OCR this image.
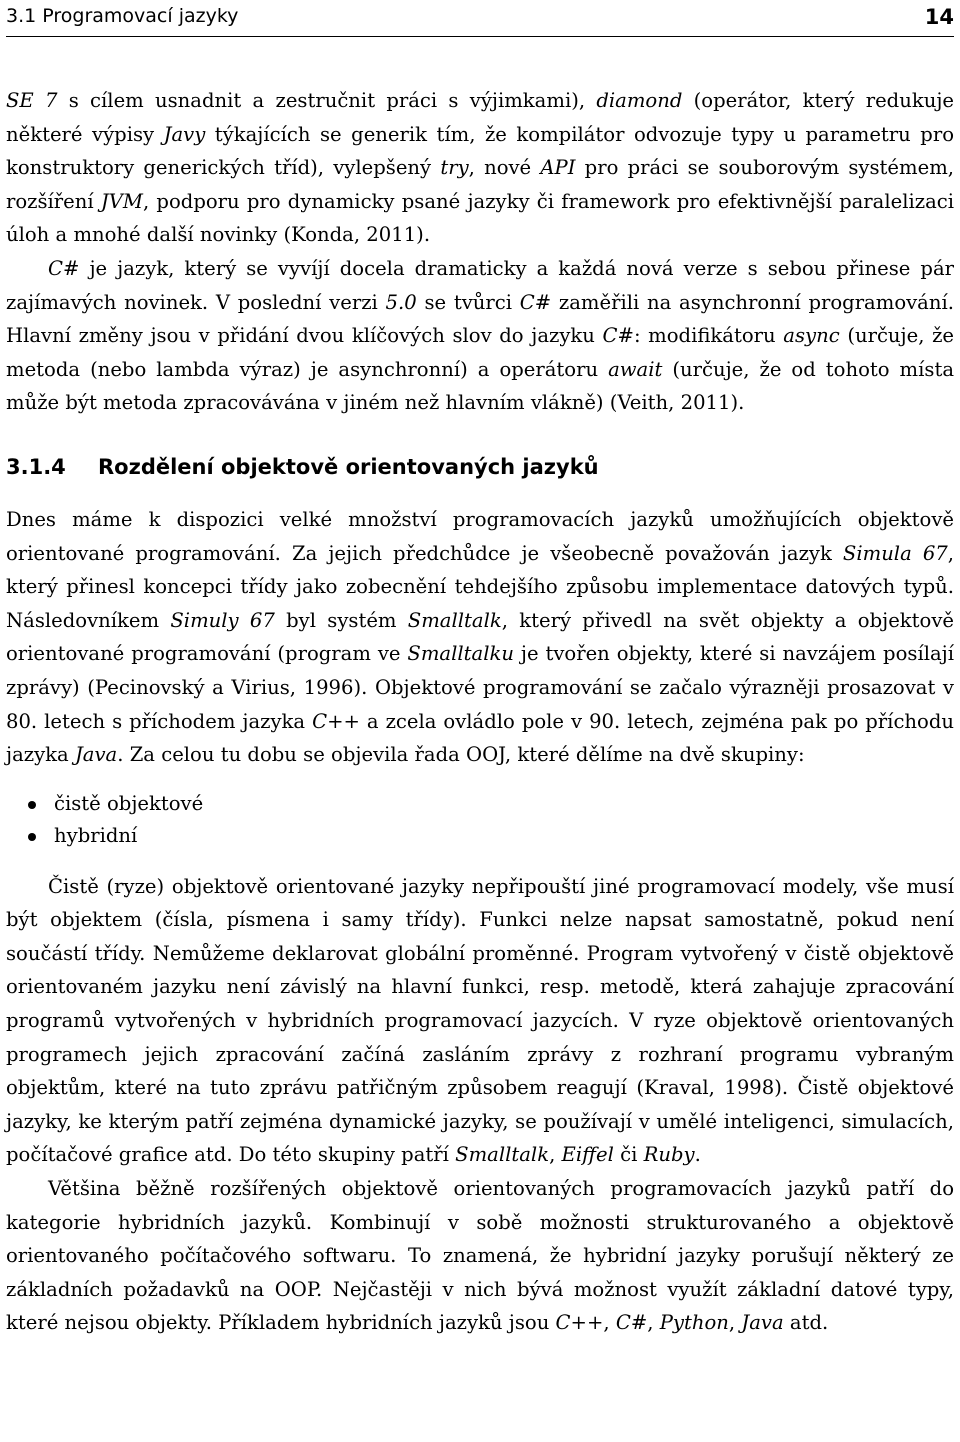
3.1 Programovací jazyky	14

SE 7 s cílem usnadnit a zestručnit práci s výjimkami), diamond (operátor, který redukuje některé výpisy Javy týkajících se generik tím, že kompilátor odvozuje typy u parametru pro konstruktory generických tříd), vylepšený try, nové API pro práci se souborovým systémem, rozšíření JVM, podporu pro dynamicky psané jazyky či framework pro efektivnější paralelizaci úloh a mnohé další novinky (Konda, 2011).

C# je jazyk, který se vyvíjí docela dramaticky a každá nová verze s sebou přinese pár zajímavých novinek. V poslední verzi 5.0 se tvůrci C# zaměřili na asynchronní programování. Hlavní změny jsou v přidání dvou klíčových slov do jazyku C#: modifikátoru async (určuje, že metoda (nebo lambda výraz) je asynchronní) a operátoru await (určuje, že od tohoto místa může být metoda zpracovávána v jiném než hlavním vlákně) (Veith, 2011).

3.1.4 Rozdělení objektově orientovaných jazyků

Dnes máme k dispozici velké množství programovacích jazyků umožňujících objektově orientované programování. Za jejich předchůdce je všeobecně považován jazyk Simula 67, který přinesl koncepci třídy jako zobecnění tehdejšího způsobu implementace datových typů. Následovníkem Simuly 67 byl systém Smalltalk, který přivedl na svět objekty a objektově orientované programování (program ve Smalltalku je tvořen objekty, které si navzájem posílají zprávy) (Pecinovský a Virius, 1996). Objektové programování se začalo výrazněji prosazovat v 80. letech s příchodem jazyka C++ a zcela ovládlo pole v 90. letech, zejména pak po příchodu jazyka Java. Za celou tu dobu se objevila řada OOJ, které dělíme na dvě skupiny:

čistě objektové
hybridní

Čistě (ryze) objektově orientované jazyky nepřipouští jiné programovací modely, vše musí být objektem (čísla, písmena i samy třídy). Funkci nelze napsat samostatně, pokud není součástí třídy. Nemůžeme deklarovat globální proměnné. Program vytvořený v čistě objektově orientovaném jazyku není závislý na hlavní funkci, resp. metodě, která zahajuje zpracování programů vytvořených v hybridních programovací jazycích. V ryze objektově orientovaných programech jejich zpracování začíná zasláním zprávy z rozhraní programu vybraným objektům, které na tuto zprávu patřičným způsobem reagují (Kraval, 1998). Čistě objektové jazyky, ke kterým patří zejména dynamické jazyky, se používají v umělé inteligenci, simulacích, počítačové grafice atd. Do této skupiny patří Smalltalk, Eiffel či Ruby.

Většina běžně rozšířených objektově orientovaných programovacích jazyků patří do kategorie hybridních jazyků. Kombinují v sobě možnosti strukturovaného a objektově orientovaného počítačového softwaru. To znamená, že hybridní jazyky porušují některý ze základních požadavků na OOP. Nejčastěji v nich bývá možnost využít základní datové typy, které nejsou objekty. Příkladem hybridních jazyků jsou C++, C#, Python, Java atd.
